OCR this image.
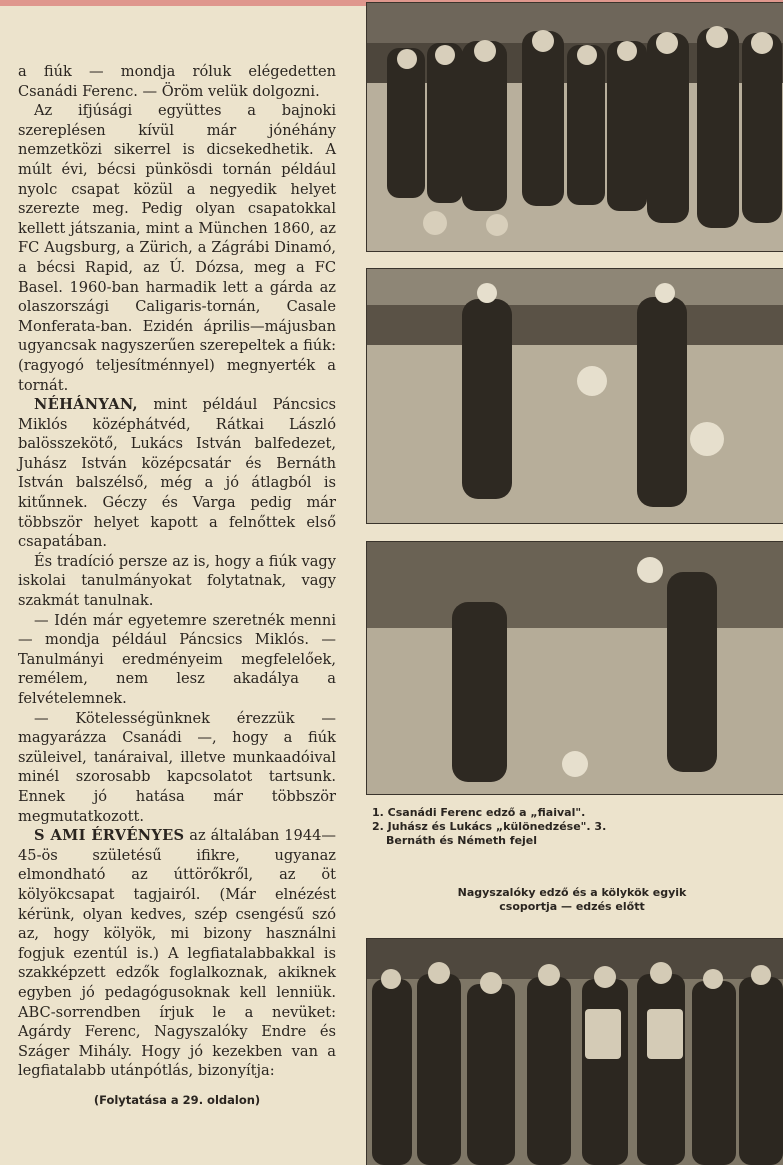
a fiúk — mondja róluk elégedetten Csanádi Ferenc. — Öröm velük dolgozni.

Az ifjúsági együttes a bajnoki szereplésen kívül már jónéhány nemzetközi sikerrel is dicsekedhetik. A múlt évi, bécsi pünkösdi tornán például nyolc csapat közül a negyedik helyet szerezte meg. Pedig olyan csapatokkal kellett játszania, mint a München 1860, az FC Augsburg, a Zürich, a Zágrábi Dinamó, a bécsi Rapid, az Ú. Dózsa, meg a FC Basel. 1960-ban harmadik lett a gárda az olaszországi Caligaris-tornán, Casale Monferata-ban. Ezidén április—májusban ugyancsak nagyszerűen szerepeltek a fiúk: (ragyogó teljesítménnyel) megnyerték a tornát.

NÉHÁNYAN, mint például Páncsics Miklós középhátvéd, Rátkai László balösszekötő, Lukács István balfedezet, Juhász István középcsatár és Bernáth István balszélső, még a jó átlagból is kitűnnek. Géczy és Varga pedig már többször helyet kapott a felnőttek első csapatában.

És tradíció persze az is, hogy a fiúk vagy iskolai tanulmányokat folytatnak, vagy szakmát tanulnak.

— Idén már egyetemre szeretnék menni — mondja például Páncsics Miklós. — Tanulmányi eredményeim megfelelőek, remélem, nem lesz akadálya a felvételemnek.

— Kötelességünknek érezzük — magyarázza Csanádi —, hogy a fiúk szüleivel, tanáraival, illetve munkaadóival minél szorosabb kapcsolatot tartsunk. Ennek jó hatása már többször megmutatkozott.

S AMI ÉRVÉNYES az általában 1944—45-ös születésű ifikre, ugyanaz elmondható az úttörőkről, az öt kölyökcsapat tagjairól. (Már elnézést kérünk, olyan kedves, szép csengésű szó az, hogy kölyök, mi bizony használni fogjuk ezentúl is.) A legfiatalabbakkal is szakképzett edzők foglalkoznak, akiknek egyben jó pedagógusoknak kell lenniük. ABC-sorrendben írjuk le a nevüket: Agárdy Ferenc, Nagyszalóky Endre és Száger Mihály. Hogy jó kezekben van a legfiatalabb utánpótlás, bizonyítja:

(Folytatása a 29. oldalon)

1. Csanádi Ferenc edző a „fiaival".
2. Juhász és Lukács „különedzése". 3.
Bernáth és Németh fejel
Nagyszalóky edző és a kölykök egyik csoportja — edzés előtt
